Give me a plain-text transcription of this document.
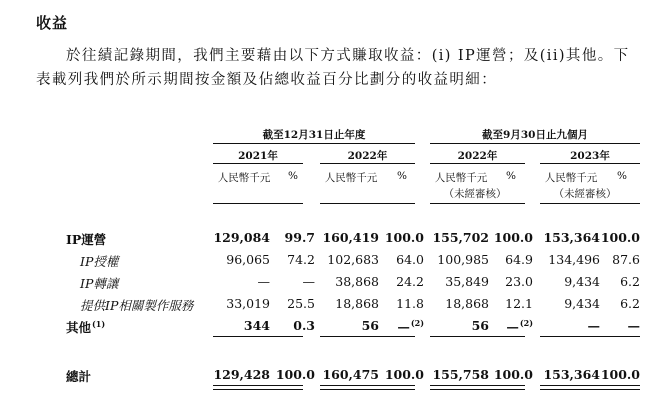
收益
於往績記錄期間，我們主要藉由以下方式賺取收益：(i) IP運營；及(ii)其他。下
表載列我們於所示期間按金額及佔總收益百分比劃分的收益明細：
截至12月31日止年度	截至9月30日止九個月
2021年	2022年	2022年	2023年
人民幣千元	%	人民幣千元	%	人民幣千元	%	人民幣千元	%
（未經審核）	（未經審核）
IP運營	129,084 99.7 160,419 100.0 155,702 100.0 153,364 100.0
IP授權	96,065 74.2 102,683 64.0 100,985 64.9 134,496 87.6
IP轉讓	—	— 38,868 24.2 35,849 23.0 9,434 6.2
提供IP相關製作服務	33,019 25.5 18,868 11.8 18,868 12.1 9,434 6.2
其他$^{(1)}$	344 0.3	56 —$^{(2)}$	56 —$^{(2)}$	— —
總計	129,428 100.0 160,475 100.0 155,758 100.0 153,364 100.0
